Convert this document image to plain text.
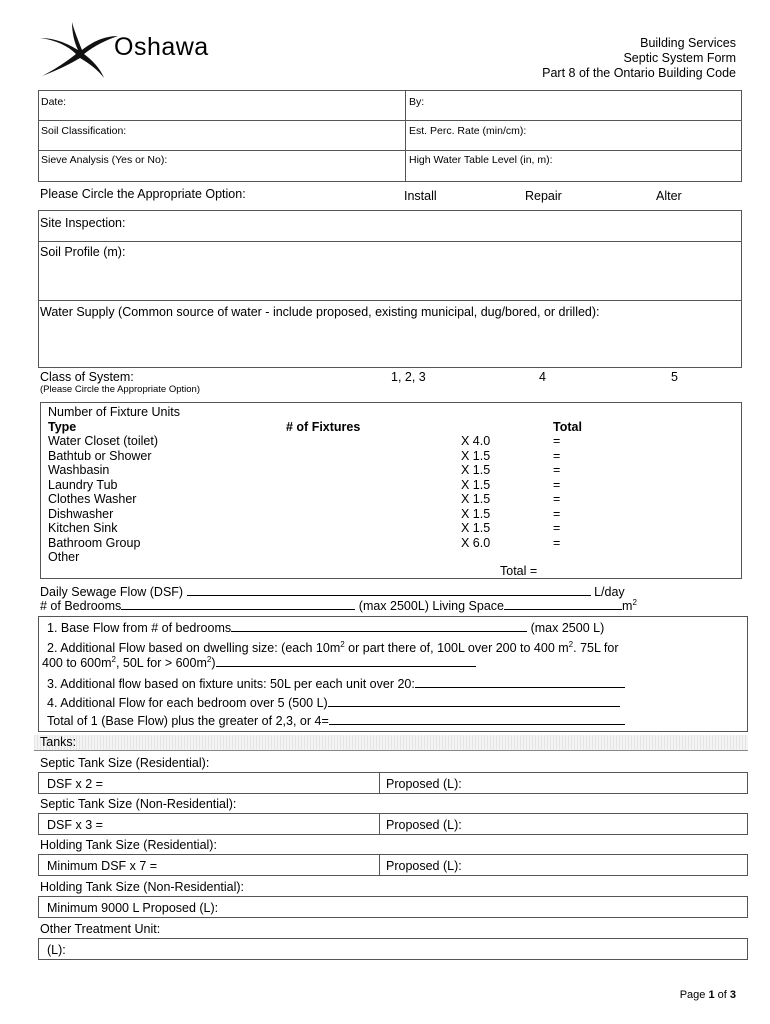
Oshawa	Building Services
Septic System Form
Part 8 of the Ontario Building Code
Date:	By:
Soil Classification:	Est. Perc. Rate (min/cm):
Sieve Analysis (Yes or No):	High Water Table Level (in, m):
Please Circle the Appropriate Option:	Install	Repair	Alter
Site Inspection:
Soil Profile (m):
Water Supply (Common source of water - include proposed, existing municipal, dug/bored, or drilled):
Class of System:
(Please Circle the Appropriate Option)
1, 2, 3	4	5
Number of Fixture Units			
Type	# of Fixtures		Total
Water Closet (toilet)		X 4.0	=
Bathtub or Shower		X 1.5	=
Washbasin		X 1.5	=
Laundry Tub		X 1.5	=
Clothes Washer		X 1.5	=
Dishwasher		X 1.5	=
Kitchen Sink		X 1.5	=
Bathroom Group		X 6.0	=
Other			
Total =
Daily Sewage Flow (DSF)	L/day
# of Bedrooms	(max 2500L) Living Space	$m^2$
1. Base Flow from # of bedrooms	(max 2500 L)
2. Additional Flow based on dwelling size: (each $10m^2$ or part there of, 100L over 200 to 400 $m^2$. 75L for
400 to $600m^2$, 50L for > $600m^2$)
3. Additional flow based on fixture units: 50L per each unit over 20:
4. Additional Flow for each bedroom over 5 (500 L)
Total of 1 (Base Flow) plus the greater of 2,3, or 4=
Tanks:
Septic Tank Size (Residential):
DSF x 2 =	Proposed (L):
Septic Tank Size (Non-Residential):
DSF x 3 =	Proposed (L):
Holding Tank Size (Residential):
Minimum DSF x 7 =	Proposed (L):
Holding Tank Size (Non-Residential):
Minimum 9000 L Proposed (L):
Other Treatment Unit:
(L):
Page 1 of 3
